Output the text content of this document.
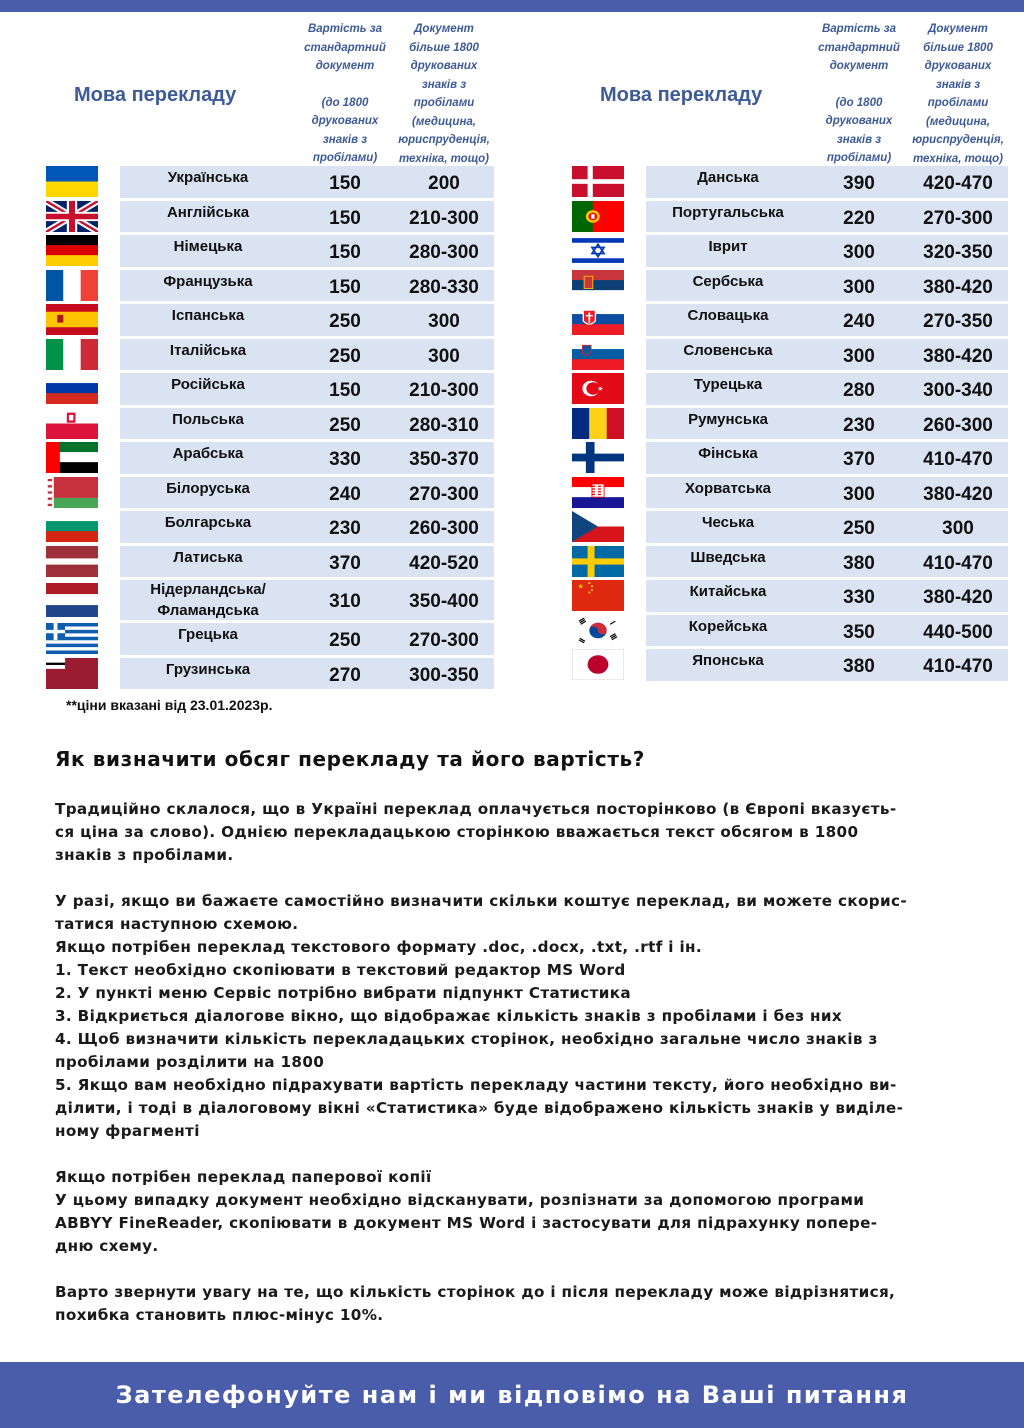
Мова перекладу
Вартість за
стандартний
документ
(до 1800
друкованих
знаків з
пробілами)
Документ
більше 1800
друкованих
знаків з
пробілами
(медицина,
юриспруденція,
техніка, тощо)
Українська	150	200
Англійська	150	210-300
Німецька	150	280-300
Французька	150	280-330
Іспанська	250	300
Італійська	250	300
Російська	150	210-300
Польська	250	280-310
Арабська	330	350-370
Білоруська	240	270-300
Болгарська	230	260-300
Латиська	370	420-520
Нідерландська/
Фламандська	310	350-400
Грецька	250	270-300
Грузинська	270	300-350
Мова перекладу
Вартість за
стандартний
документ
(до 1800
друкованих
знаків з
пробілами)
Документ
більше 1800
друкованих
знаків з
пробілами
(медицина,
юриспруденція,
техніка, тощо)
Данська	390	420-470
Португальська	220	270-300
Іврит	300	320-350
Сербська	300	380-420
Словацька	240	270-350
Словенська	300	380-420
Турецька	280	300-340
Румунська	230	260-300
Фінська	370	410-470
Хорватська	300	380-420
Чеська	250	300
Шведська	380	410-470
Китайська	330	380-420
Корейська	350	440-500
Японська	380	410-470
**ціни вказані від 23.01.2023р.
Як визначити обсяг перекладу та його вартість?

Традиційно склалося, що в Україні переклад оплачується посторінково (в Європі вказуєть-

ся ціна за слово). Однією перекладацькою сторінкою вважається текст обсягом в 1800

знаків з пробілами.

У разі, якщо ви бажаєте самостійно визначити скільки коштує переклад, ви можете скорис-

татися наступною схемою.

Якщо потрібен переклад текстового формату .doc, .docx, .txt, .rtf і ін.

1. Текст необхідно скопіювати в текстовий редактор MS Word

2. У пункті меню Сервіс потрібно вибрати підпункт Статистика

3. Відкриється діалогове вікно, що відображає кількість знаків з пробілами і без них

4. Щоб визначити кількість перекладацьких сторінок, необхідно загальне число знаків з

пробілами розділити на 1800

5. Якщо вам необхідно підрахувати вартість перекладу частини тексту, його необхідно ви-

ділити, і тоді в діалоговому вікні «Статистика» буде відображено кількість знаків у виділе-

ному фрагменті

Якщо потрібен переклад паперової копії

У цьому випадку документ необхідно відсканувати, розпізнати за допомогою програми

ABBYY FineReader, скопіювати в документ MS Word і застосувати для підрахунку попере-

дню схему.

Варто звернути увагу на те, що кількість сторінок до і після перекладу може відрізнятися,

похибка становить плюс-мінус 10%.

Зателефонуйте нам і ми відповімо на Ваші питання
